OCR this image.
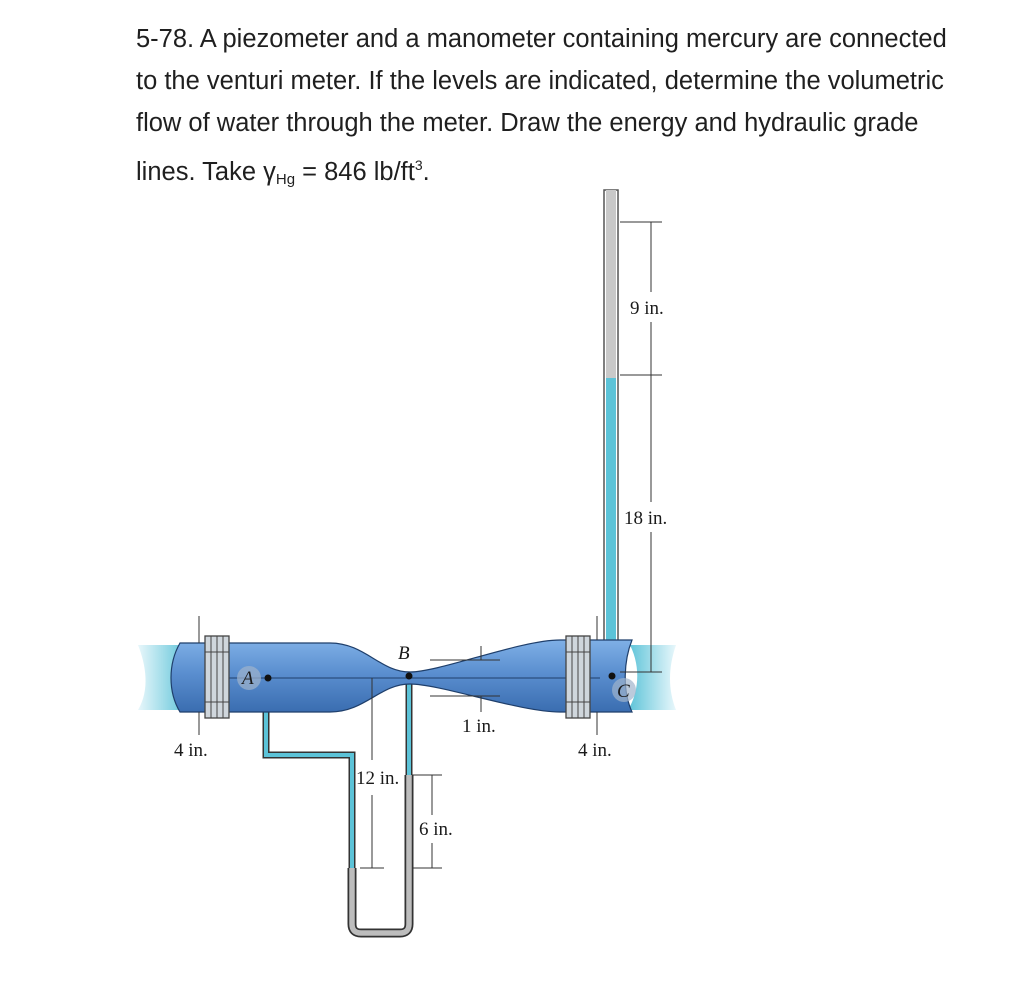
5-78. A piezometer and a manometer containing mercury are connected to the venturi meter. If the levels are indicated, determine the volumetric flow of water through the meter. Draw the energy and hydraulic grade lines. Take $\gamma_{Hg} = 846$ $lb/ft^3$.
A
B
C
9 in.
18 in.
4 in.	4 in.
1 in.
12 in.
6 in.
